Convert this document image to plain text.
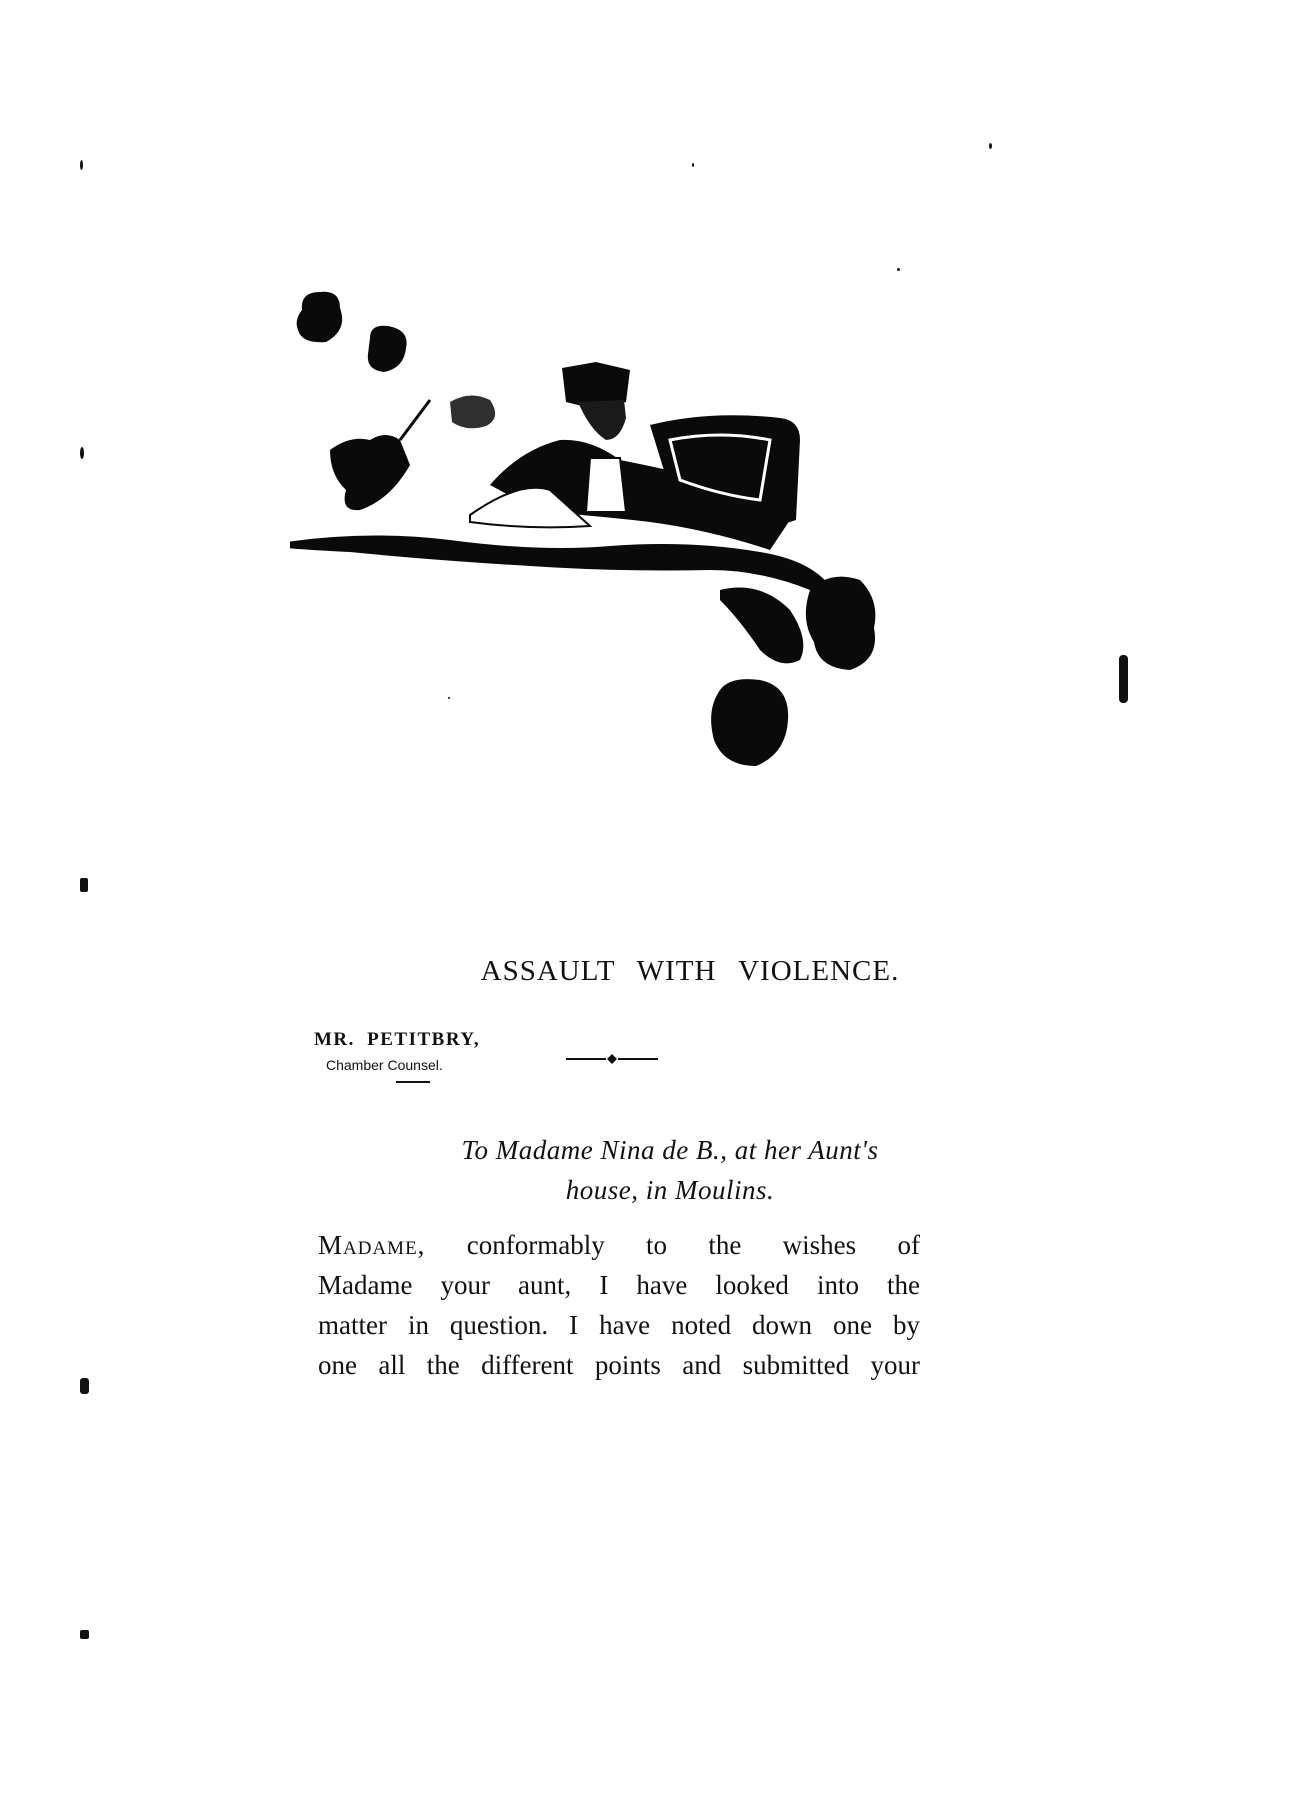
ASSAULT WITH VIOLENCE.
MR. PETITBRY,
Chamber Counsel.
To Madame Nina de B., at her Aunt's
house, in Moulins.
Madame, conformably to the wishes of
Madame your aunt, I have looked into the
matter in question. I have noted down one by
one all the different points and submitted your
